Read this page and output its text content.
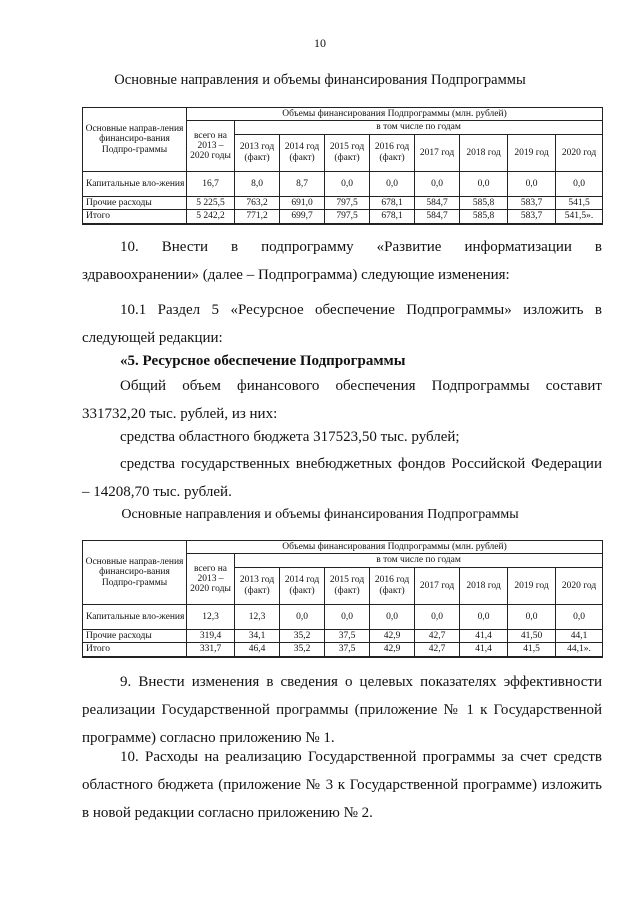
10
Основные направления и объемы финансирования Подпрограммы
Основные направ-ления финансиро-вания Подпро-граммы	Объемы финансирования Подпрограммы (млн. рублей)								
	всего на 2013 – 2020 годы	в том числе по годам							
		2013 год (факт)	2014 год (факт)	2015 год (факт)	2016 год (факт)	2017 год	2018 год	2019 год	2020 год
Капитальные вло-жения	16,7	8,0	8,7	0,0	0,0	0,0	0,0	0,0	0,0
Прочие расходы	5 225,5	763,2	691,0	797,5	678,1	584,7	585,8	583,7	541,5
Итого	5 242,2	771,2	699,7	797,5	678,1	584,7	585,8	583,7	541,5».
10. Внести в подпрограмму «Развитие информатизации в здравоохранении» (далее – Подпрограмма) следующие изменения:
10.1 Раздел 5 «Ресурсное обеспечение Подпрограммы» изложить в следующей редакции:
«5. Ресурсное обеспечение Подпрограммы
Общий объем финансового обеспечения Подпрограммы составит 331732,20 тыс. рублей, из них:
средства областного бюджета 317523,50 тыс. рублей;
средства государственных внебюджетных фондов Российской Федерации – 14208,70 тыс. рублей.
Основные направления и объемы финансирования Подпрограммы
Основные направ-ления финансиро-вания Подпро-граммы	Объемы финансирования Подпрограммы (млн. рублей)								
	всего на 2013 – 2020 годы	в том числе по годам							
		2013 год (факт)	2014 год (факт)	2015 год (факт)	2016 год (факт)	2017 год	2018 год	2019 год	2020 год
Капитальные вло-жения	12,3	12,3	0,0	0,0	0,0	0,0	0,0	0,0	0,0
Прочие расходы	319,4	34,1	35,2	37,5	42,9	42,7	41,4	41,50	44,1
Итого	331,7	46,4	35,2	37,5	42,9	42,7	41,4	41,5	44,1».
9. Внести изменения в сведения о целевых показателях эффективности реализации Государственной программы (приложение № 1 к Государственной программе) согласно приложению № 1.
10. Расходы на реализацию Государственной программы за счет средств областного бюджета (приложение № 3 к Государственной программе) изложить в новой редакции согласно приложению № 2.
